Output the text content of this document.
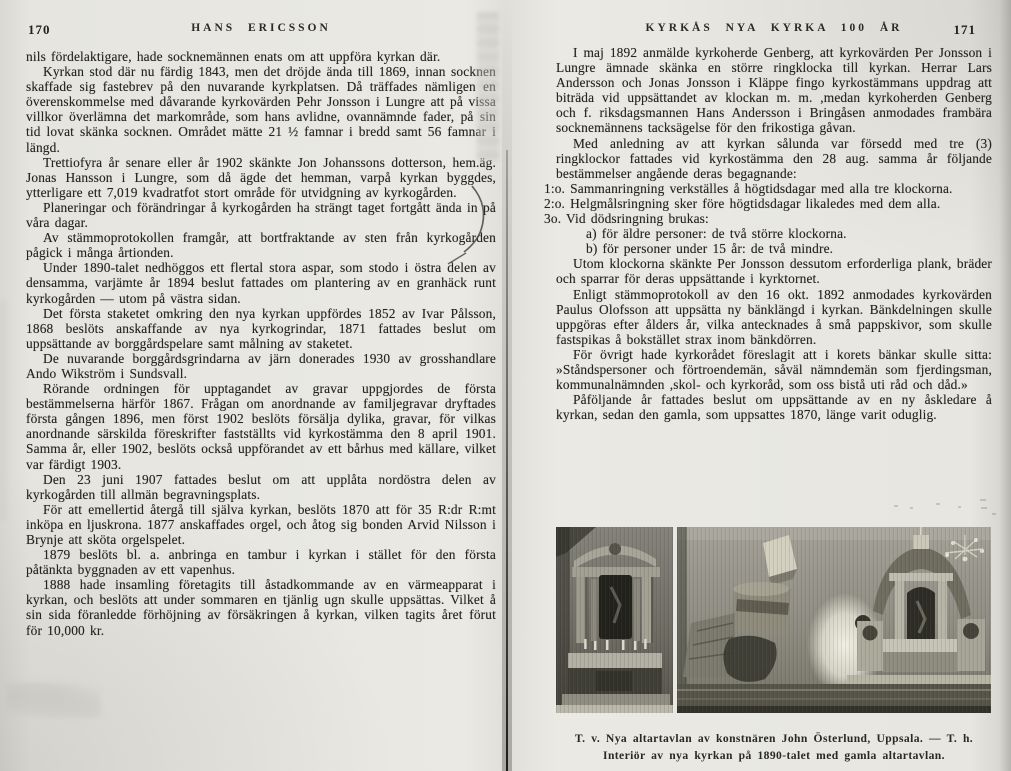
170	HANS ERICSSON

nils fördelaktigare, hade socknemännen enats om att uppföra kyrkan där.

Kyrkan stod där nu färdig 1843, men det dröjde ända till 1869, innan socknen skaffade sig fastebrev på den nuvarande kyrkplatsen. Då träffades nämligen en överenskommelse med dåvarande kyrkovärden Pehr Jonsson i Lungre att på vissa villkor överlämna det markområde, som hans avlidne, ovannämnde fader, på sin tid lovat skänka socknen. Området mätte 21 ½ famnar i bredd samt 56 famnar i längd.

Trettiofyra år senare eller år 1902 skänkte Jon Johanssons dotterson, hem.äg. Jonas Hansson i Lungre, som då ägde det hemman, varpå kyrkan byggdes, ytterligare ett 7,019 kvadratfot stort område för utvidgning av kyrkogården.

Planeringar och förändringar å kyrkogården ha strängt taget fortgått ända in på våra dagar.

Av stämmoprotokollen framgår, att bortfraktande av sten från kyrkogården pågick i många årtionden.

Under 1890-talet nedhöggos ett flertal stora aspar, som stodo i östra delen av densamma, varjämte år 1894 beslut fattades om plantering av en granhäck runt kyrkogården — utom på västra sidan.

Det första staketet omkring den nya kyrkan uppfördes 1852 av Ivar Pålsson, 1868 beslöts anskaffande av nya kyrkogrindar, 1871 fattades beslut om uppsättande av borggårdspelare samt målning av staketet.

De nuvarande borggårdsgrindarna av järn donerades 1930 av grosshandlare Ando Wikström i Sundsvall.

Rörande ordningen för upptagandet av gravar uppgjordes de första bestämmelserna härför 1867. Frågan om anordnande av familjegravar dryftades första gången 1896, men först 1902 beslöts försälja dylika, gravar, för vilkas anordnande särskilda föreskrifter fastställts vid kyrkostämma den 8 april 1901. Samma år, eller 1902, beslöts också uppförandet av ett bårhus med källare, vilket var färdigt 1903.

Den 23 juni 1907 fattades beslut om att upplåta nordöstra delen av kyrkogården till allmän begravningsplats.

För att emellertid återgå till själva kyrkan, beslöts 1870 att för 35 R:dr R:mt inköpa en ljuskrona. 1877 anskaffades orgel, och åtog sig bonden Arvid Nilsson i Brynje att sköta orgelspelet.

1879 beslöts bl. a. anbringa en tambur i kyrkan i stället för den första påtänkta byggnaden av ett vapenhus.

1888 hade insamling företagits till åstadkommande av en värmeapparat i kyrkan, och beslöts att under sommaren en tjänlig ugn skulle uppsättas. Vilket å sin sida föranledde förhöjning av försäkringen å kyrkan, vilken tagits året förut för 10,000 kr.

KYRKÅS NYA KYRKA 100 ÅR	171

I maj 1892 anmälde kyrkoherde Genberg, att kyrkovärden Per Jonsson i Lungre ämnade skänka en större ringklocka till kyrkan. Herrar Lars Andersson och Jonas Jonsson i Kläppe fingo kyrkostämmans uppdrag att biträda vid uppsättandet av klockan m. m. ,medan kyrkoherden Genberg och f. riksdagsmannen Hans Andersson i Bringåsen anmodades frambära socknemännens tacksägelse för den frikostiga gåvan.

Med anledning av att kyrkan sålunda var försedd med tre (3) ringklockor fattades vid kyrkostämma den 28 aug. samma år följande bestämmelser angående deras begagnande:

1:o. Sammanringning verkställes å högtidsdagar med alla tre klockorna.

2:o. Helgmålsringning sker före högtidsdagar likaledes med dem alla.

3o. Vid dödsringning brukas:

a) för äldre personer: de två större klockorna.

b) för personer under 15 år: de två mindre.

Utom klockorna skänkte Per Jonsson dessutom erforderliga plank, bräder och sparrar för deras uppsättande i kyrktornet.

Enligt stämmoprotokoll av den 16 okt. 1892 anmodades kyrkovärden Paulus Olofsson att uppsätta ny bänklängd i kyrkan. Bänkdelningen skulle uppgöras efter ålders år, vilka antecknades å små pappskivor, som skulle fastspikas å bokstället strax inom bänkdörren.

För övrigt hade kyrkorådet föreslagit att i korets bänkar skulle sitta: »Ståndspersoner och förtroendemän, såväl nämndemän som fjerdingsman, kommunalnämnden ,skol- och kyrkoråd, som oss bistå uti råd och dåd.»

Påföljande år fattades beslut om uppsättande av en ny åskledare å kyrkan, sedan den gamla, som uppsattes 1870, länge varit oduglig.

T. v. Nya altartavlan av konstnären John Österlund, Uppsala. — T. h.
Interiör av nya kyrkan på 1890-talet med gamla altartavlan.
